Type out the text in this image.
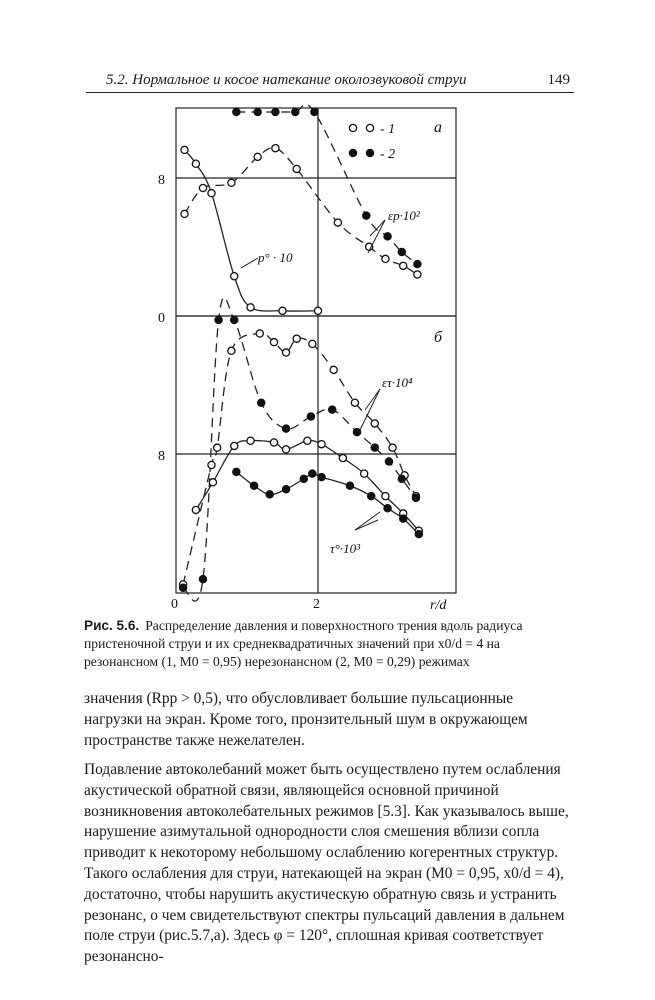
5.2. Нормальное и косое натекание околозвуковой струи	149
а
б
8
0
8
0	2	r/d
- 1
- 2
εp·10²
p° · 10
ετ·10⁴
τ°·10³
Рис. 5.6. Распределение давления и поверхностного трения вдоль радиуса пристеночной струи и их среднеквадратичных значений при x0/d = 4 на резонансном (1, M0 = 0,95) нерезонансном (2, M0 = 0,29) режимах

значения (Rpp > 0,5), что обусловливает большие пульсационные нагрузки на экран. Кроме того, пронзительный шум в окружающем пространстве также нежелателен.

Подавление автоколебаний может быть осуществлено путем ослабления акустической обратной связи, являющейся основной причиной возникновения автоколебательных режимов [5.3]. Как указывалось выше, нарушение азимутальной однородности слоя смешения вблизи сопла приводит к некоторому небольшому ослаблению когерентных структур. Такого ослабления для струи, натекающей на экран (M0 = 0,95, x0/d = 4), достаточно, чтобы нарушить акустическую обратную связь и устранить резонанс, о чем свидетельствуют спектры пульсаций давления в дальнем поле струи (рис.5.7,а). Здесь φ = 120°, сплошная кривая соответствует резонансно-
